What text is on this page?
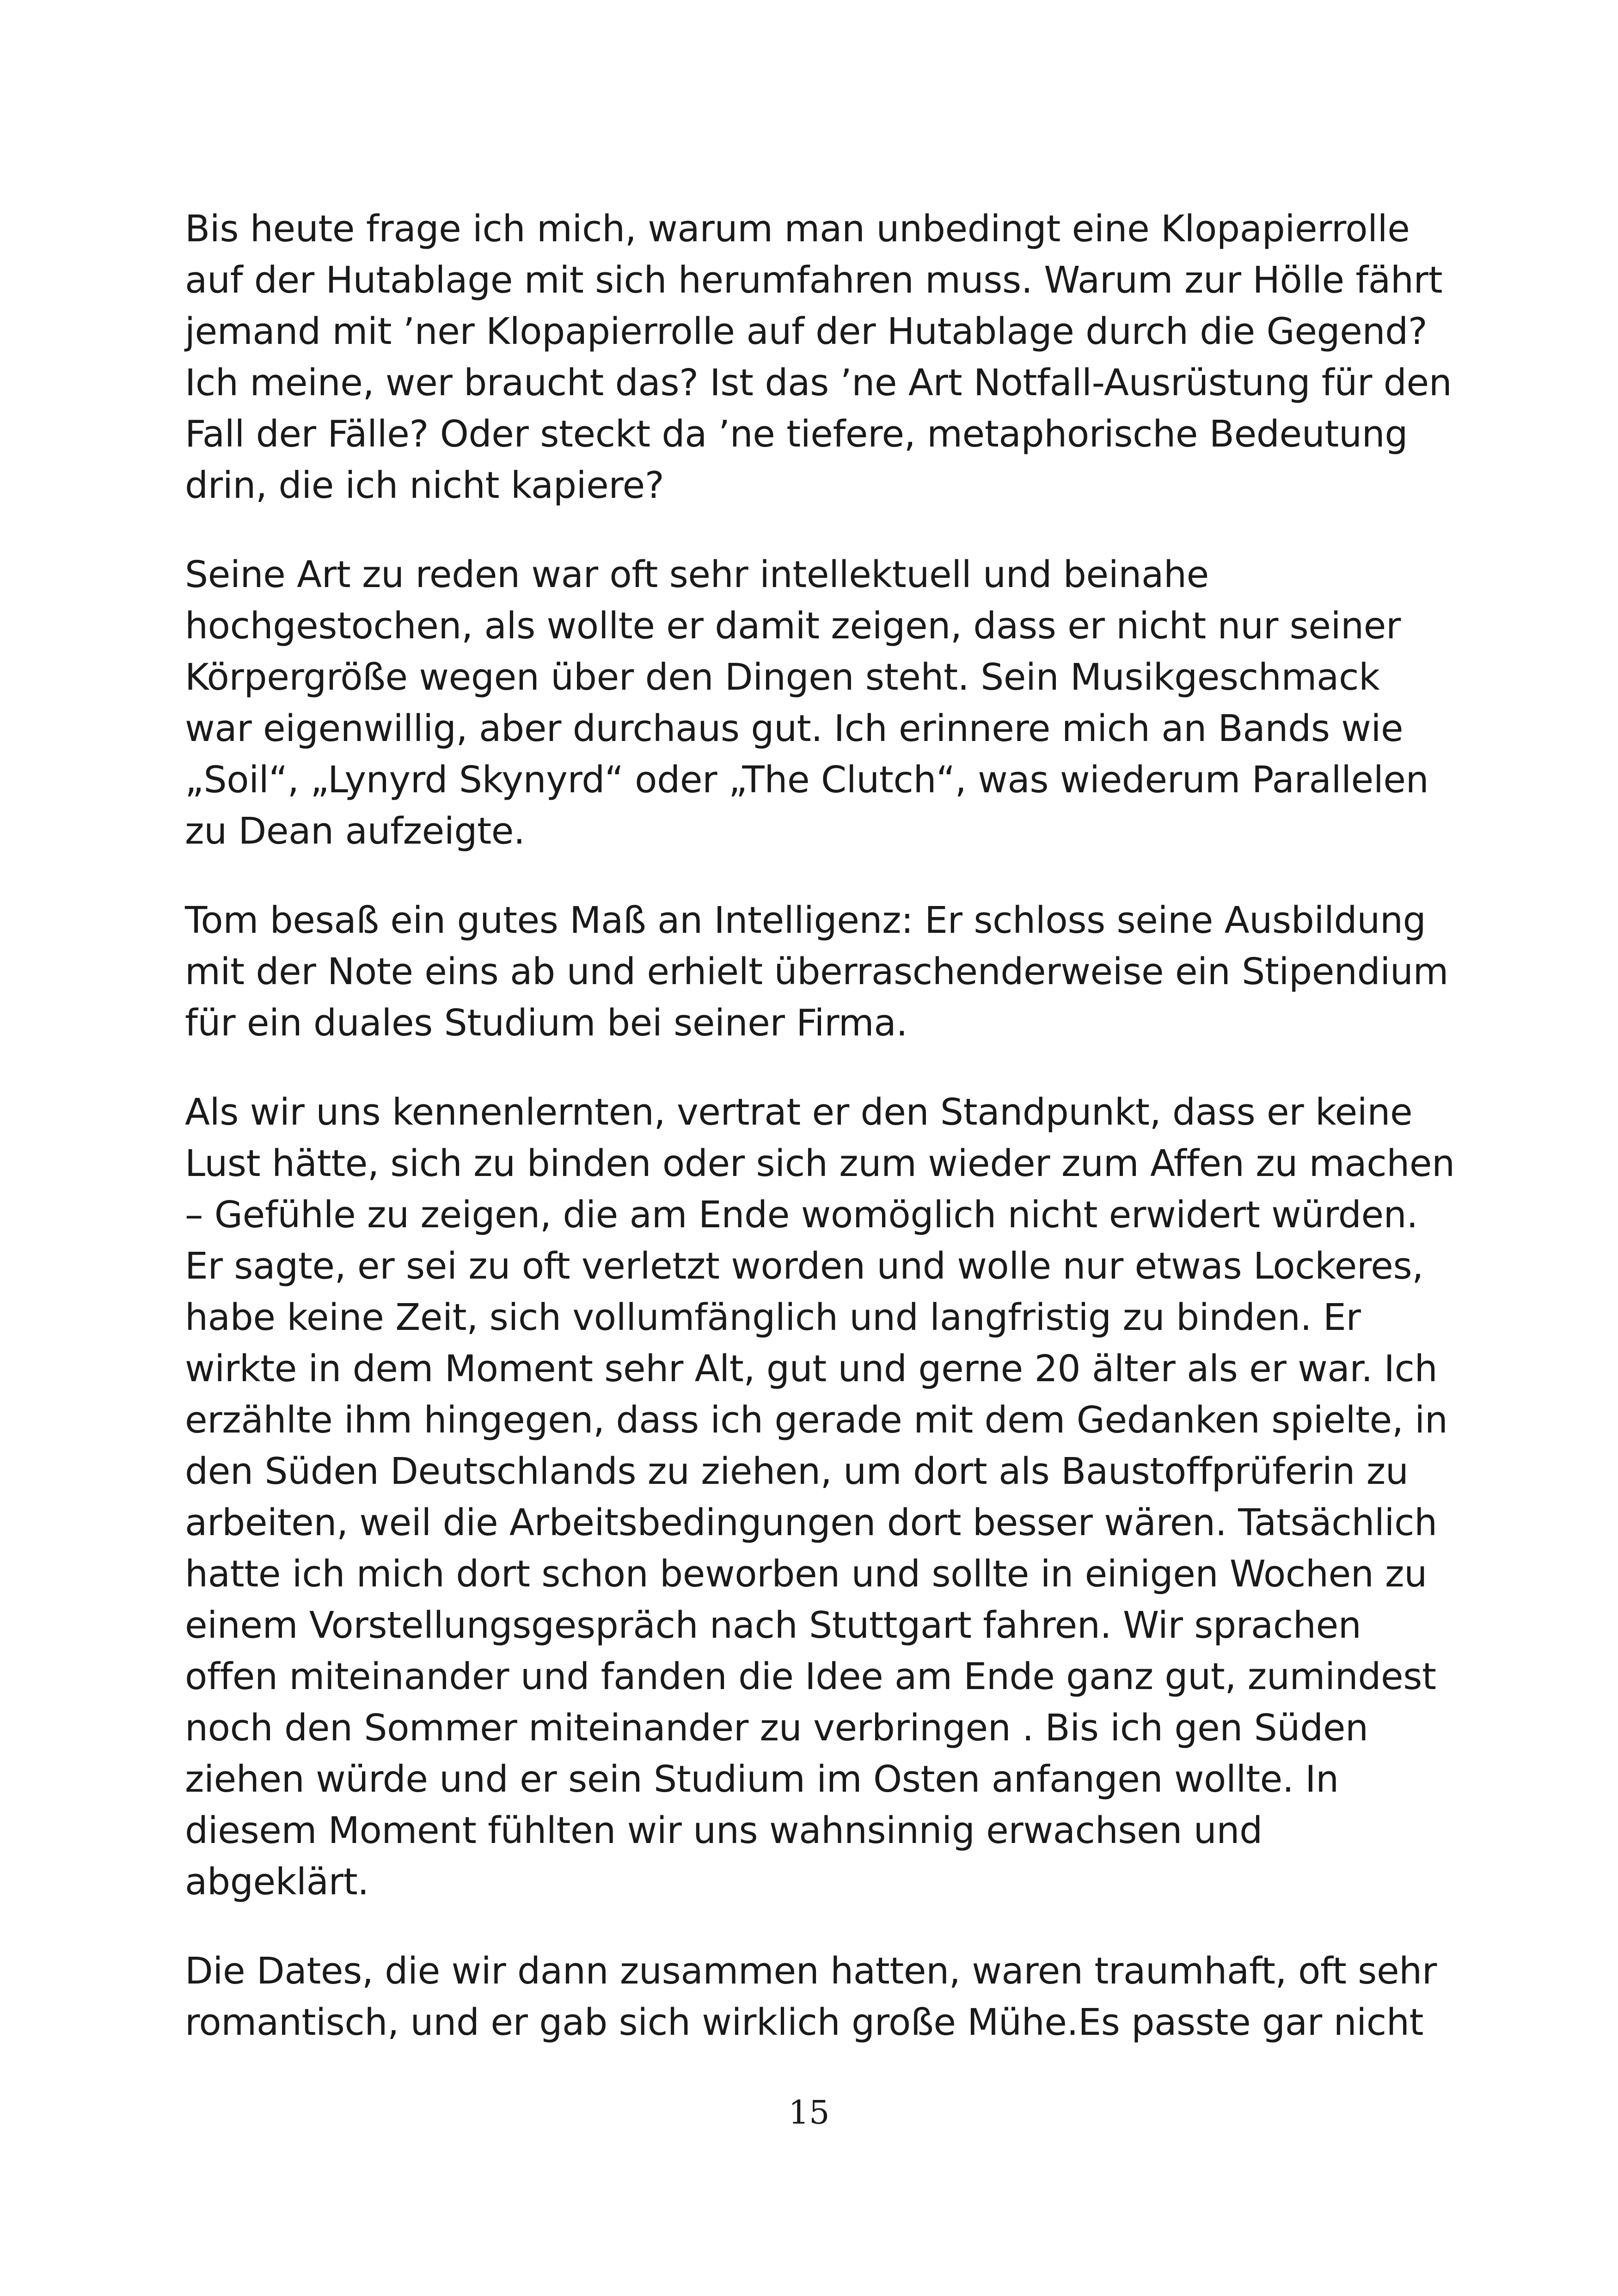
Bis heute frage ich mich, warum man unbedingt eine Klopapierrolle
auf der Hutablage mit sich herumfahren muss. Warum zur Hölle fährt
jemand mit ’ner Klopapierrolle auf der Hutablage durch die Gegend?
Ich meine, wer braucht das? Ist das ’ne Art Notfall-Ausrüstung für den
Fall der Fälle? Oder steckt da ’ne tiefere, metaphorische Bedeutung
drin, die ich nicht kapiere?

Seine Art zu reden war oft sehr intellektuell und beinahe
hochgestochen, als wollte er damit zeigen, dass er nicht nur seiner
Körpergröße wegen über den Dingen steht. Sein Musikgeschmack
war eigenwillig, aber durchaus gut. Ich erinnere mich an Bands wie
„Soil“, „Lynyrd Skynyrd“ oder „The Clutch“, was wiederum Parallelen
zu Dean aufzeigte.

Tom besaß ein gutes Maß an Intelligenz: Er schloss seine Ausbildung
mit der Note eins ab und erhielt überraschenderweise ein Stipendium
für ein duales Studium bei seiner Firma.

Als wir uns kennenlernten, vertrat er den Standpunkt, dass er keine
Lust hätte, sich zu binden oder sich zum wieder zum Affen zu machen
– Gefühle zu zeigen, die am Ende womöglich nicht erwidert würden.
Er sagte, er sei zu oft verletzt worden und wolle nur etwas Lockeres,
habe keine Zeit, sich vollumfänglich und langfristig zu binden. Er
wirkte in dem Moment sehr Alt, gut und gerne 20 älter als er war. Ich
erzählte ihm hingegen, dass ich gerade mit dem Gedanken spielte, in
den Süden Deutschlands zu ziehen, um dort als Baustoffprüferin zu
arbeiten, weil die Arbeitsbedingungen dort besser wären. Tatsächlich
hatte ich mich dort schon beworben und sollte in einigen Wochen zu
einem Vorstellungsgespräch nach Stuttgart fahren. Wir sprachen
offen miteinander und fanden die Idee am Ende ganz gut, zumindest
noch den Sommer miteinander zu verbringen . Bis ich gen Süden
ziehen würde und er sein Studium im Osten anfangen wollte. In
diesem Moment fühlten wir uns wahnsinnig erwachsen und
abgeklärt.

Die Dates, die wir dann zusammen hatten, waren traumhaft, oft sehr
romantisch, und er gab sich wirklich große Mühe.Es passte gar nicht

15
